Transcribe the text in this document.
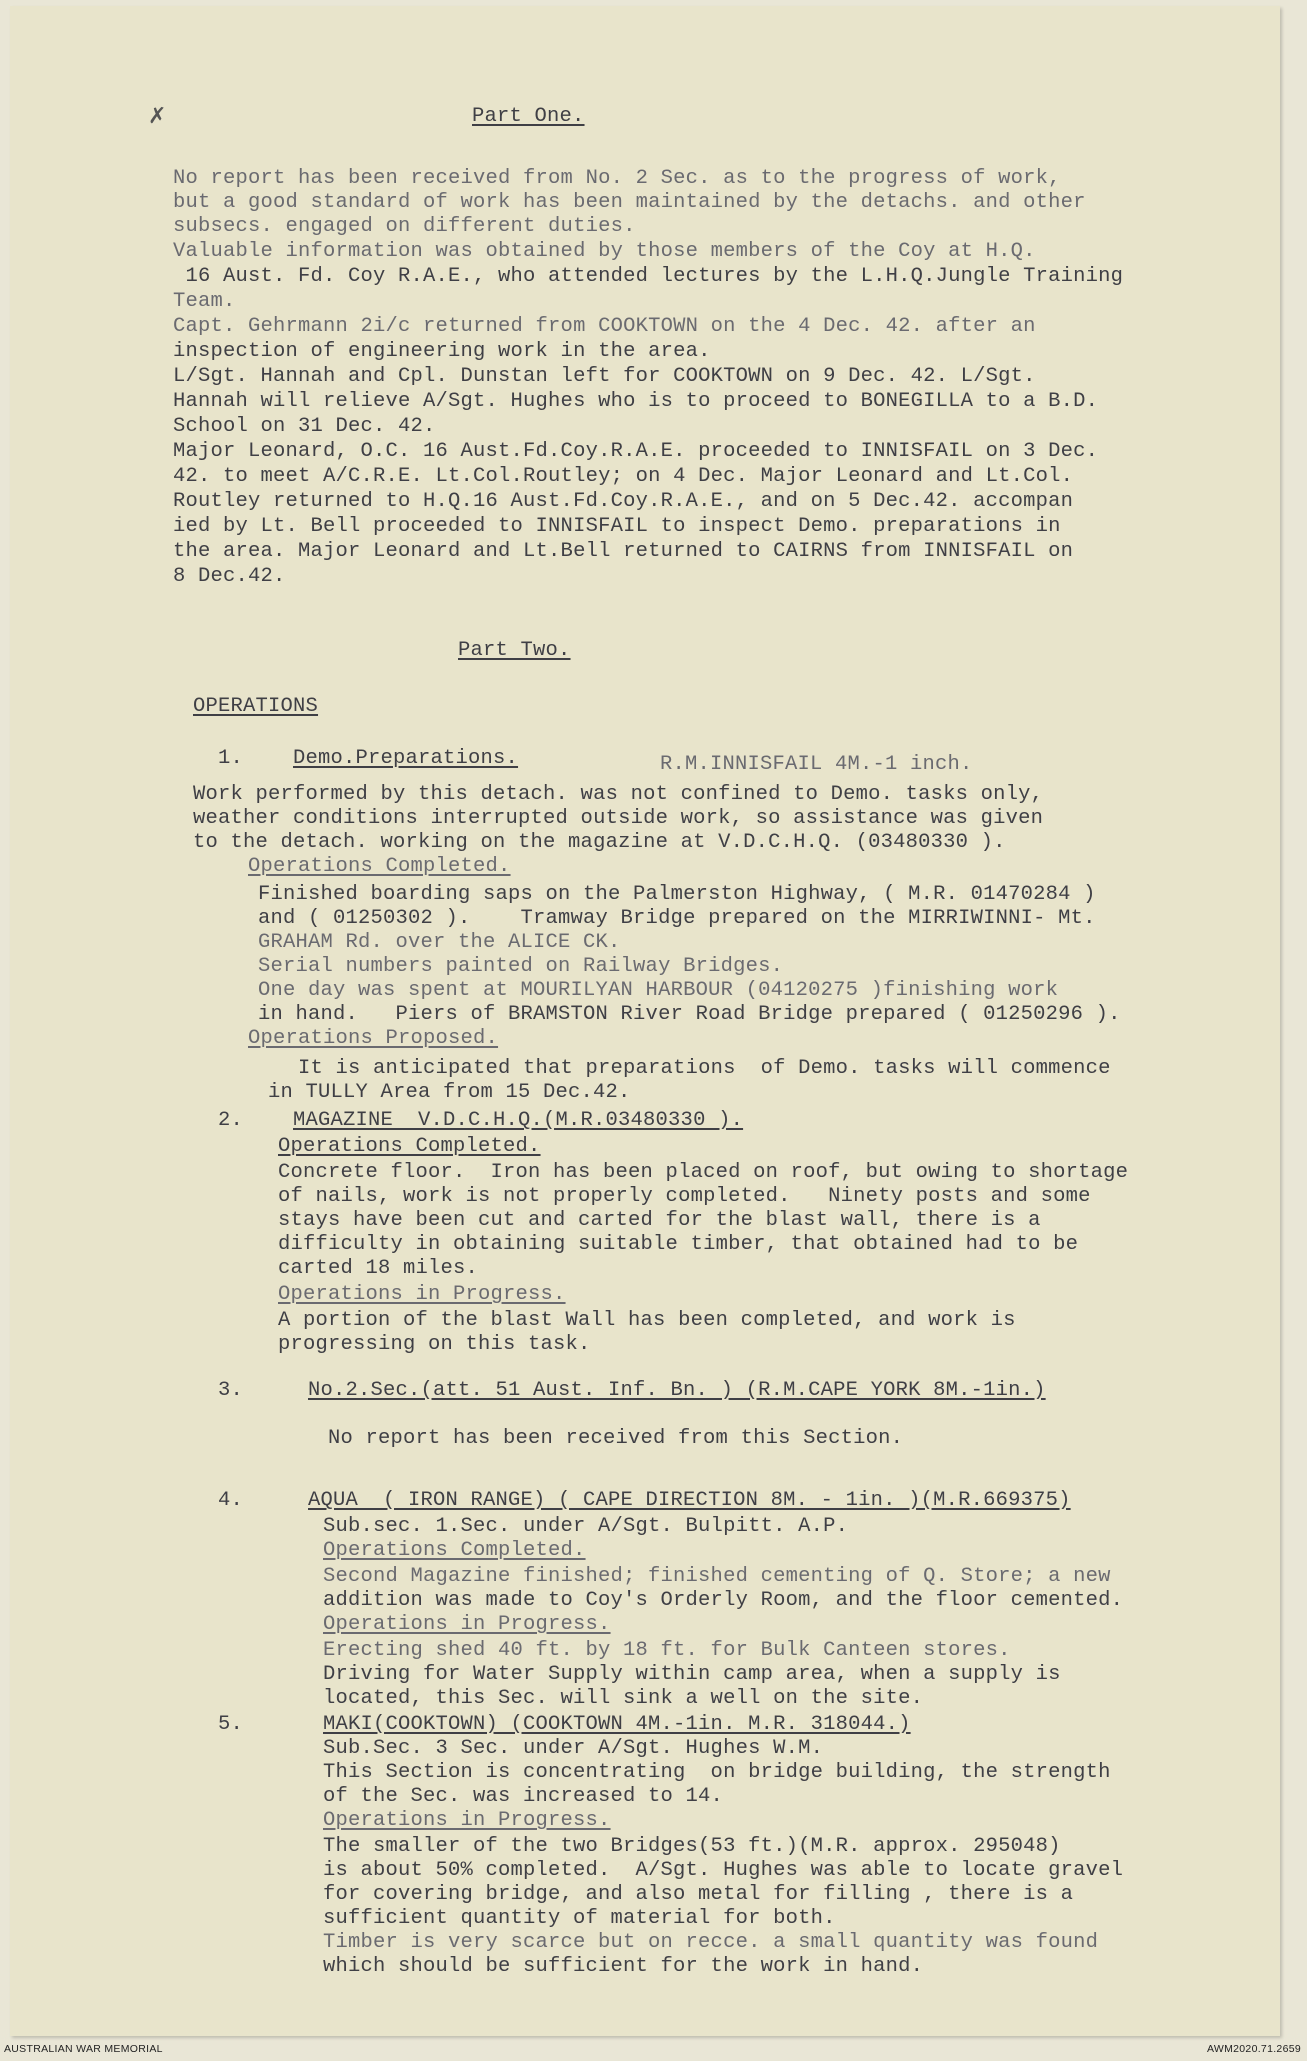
✗	Part One.
No report has been received from No. 2 Sec. as to the progress of work,
but a good standard of work has been maintained by the detachs. and other
subsecs. engaged on different duties.
Valuable information was obtained by those members of the Coy at H.Q.
16 Aust. Fd. Coy R.A.E., who attended lectures by the L.H.Q.Jungle Training
Team.
Capt. Gehrmann 2i/c returned from COOKTOWN on the 4 Dec. 42. after an
inspection of engineering work in the area.
L/Sgt. Hannah and Cpl. Dunstan left for COOKTOWN on 9 Dec. 42. L/Sgt.
Hannah will relieve A/Sgt. Hughes who is to proceed to BONEGILLA to a B.D.
School on 31 Dec. 42.
Major Leonard, O.C. 16 Aust.Fd.Coy.R.A.E. proceeded to INNISFAIL on 3 Dec.
42. to meet A/C.R.E. Lt.Col.Routley; on 4 Dec. Major Leonard and Lt.Col.
Routley returned to H.Q.16 Aust.Fd.Coy.R.A.E., and on 5 Dec.42. accompan
ied by Lt. Bell proceeded to INNISFAIL to inspect Demo. preparations in
the area. Major Leonard and Lt.Bell returned to CAIRNS from INNISFAIL on
8 Dec.42.
Part Two.
OPERATIONS
1. Demo.Preparations.	R.M.INNISFAIL 4M.-1 inch.
Work performed by this detach. was not confined to Demo. tasks only,
weather conditions interrupted outside work, so assistance was given
to the detach. working on the magazine at V.D.C.H.Q. (03480330 ).
Operations Completed.
Finished boarding saps on the Palmerston Highway, ( M.R. 01470284 )
and ( 01250302 ).    Tramway Bridge prepared on the MIRRIWINNI- Mt.
GRAHAM Rd. over the ALICE CK.
Serial numbers painted on Railway Bridges.
One day was spent at MOURILYAN HARBOUR (04120275 )finishing work
in hand.   Piers of BRAMSTON River Road Bridge prepared ( 01250296 ).
Operations Proposed.
It is anticipated that preparations  of Demo. tasks will commence
in TULLY Area from 15 Dec.42.
2. MAGAZINE  V.D.C.H.Q.(M.R.03480330 ).
Operations Completed.
Concrete floor.  Iron has been placed on roof, but owing to shortage
of nails, work is not properly completed.   Ninety posts and some
stays have been cut and carted for the blast wall, there is a
difficulty in obtaining suitable timber, that obtained had to be
carted 18 miles.
Operations in Progress.
A portion of the blast Wall has been completed, and work is
progressing on this task.
3.	No.2.Sec.(att. 51 Aust. Inf. Bn. ) (R.M.CAPE YORK 8M.-1in.)
No report has been received from this Section.
4.	AQUA  ( IRON RANGE) ( CAPE DIRECTION 8M. - 1in. )(M.R.669375)
Sub.sec. 1.Sec. under A/Sgt. Bulpitt. A.P.
Operations Completed.
Second Magazine finished; finished cementing of Q. Store; a new
addition was made to Coy's Orderly Room, and the floor cemented.
Operations in Progress.
Erecting shed 40 ft. by 18 ft. for Bulk Canteen stores.
Driving for Water Supply within camp area, when a supply is
located, this Sec. will sink a well on the site.
5.	MAKI(COOKTOWN) (COOKTOWN 4M.-1in. M.R. 318044.)
Sub.Sec. 3 Sec. under A/Sgt. Hughes W.M.
This Section is concentrating  on bridge building, the strength
of the Sec. was increased to 14.
Operations in Progress.
The smaller of the two Bridges(53 ft.)(M.R. approx. 295048)
is about 50% completed.  A/Sgt. Hughes was able to locate gravel
for covering bridge, and also metal for filling , there is a
sufficient quantity of material for both.
Timber is very scarce but on recce. a small quantity was found
which should be sufficient for the work in hand.
AUSTRALIAN WAR MEMORIAL	AWM2020.71.2659
